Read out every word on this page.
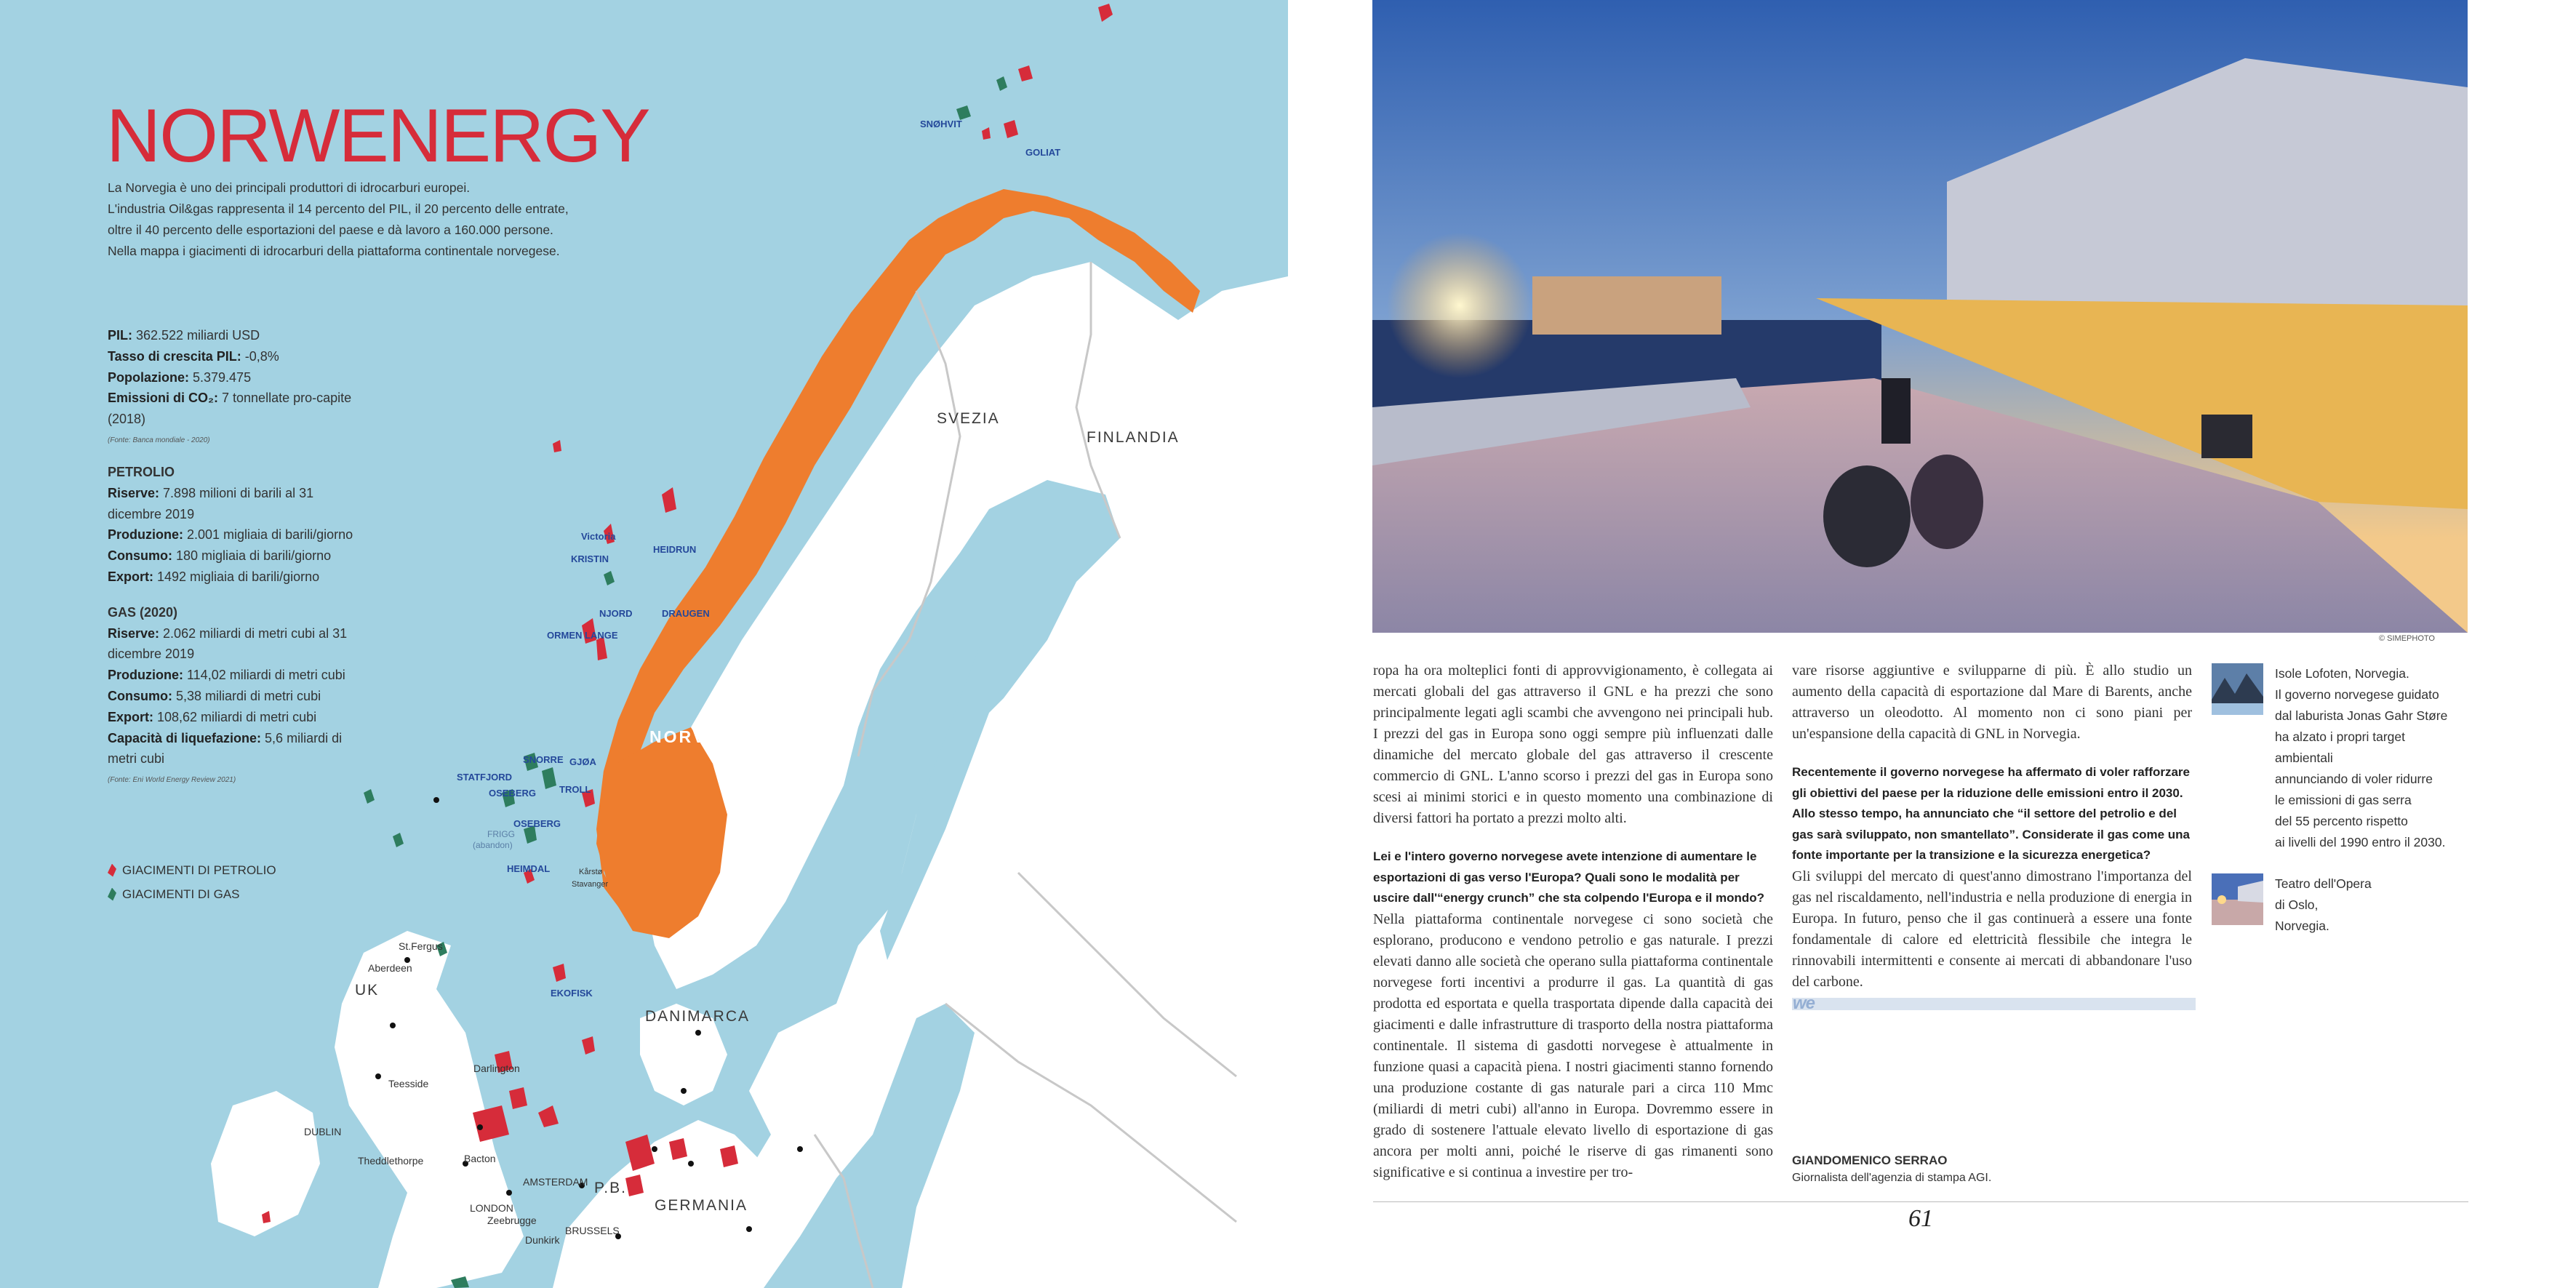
NORWENERGY

La Norvegia è uno dei principali produttori di idrocarburi europei.

L'industria Oil&gas rappresenta il 14 percento del PIL, il 20 percento delle entrate,

oltre il 40 percento delle esportazioni del paese e dà lavoro a 160.000 persone.

Nella mappa i giacimenti di idrocarburi della piattaforma continentale norvegese.

PIL: 362.522 miliardi USD
Tasso di crescita PIL: -0,8%
Popolazione: 5.379.475
Emissioni di CO₂: 7 tonnellate pro-capite (2018)
(Fonte: Banca mondiale - 2020)
PETROLIO
Riserve: 7.898 milioni di barili al 31 dicembre 2019
Produzione: 2.001 migliaia di barili/giorno
Consumo: 180 migliaia di barili/giorno
Export: 1492 migliaia di barili/giorno
GAS (2020)
Riserve: 2.062 miliardi di metri cubi al 31 dicembre 2019
Produzione: 114,02 miliardi di metri cubi
Consumo: 5,38 miliardi di metri cubi
Export: 108,62 miliardi di metri cubi
Capacità di liquefazione: 5,6 miliardi di metri cubi
(Fonte: Eni World Energy Review 2021)
GIACIMENTI DI PETROLIO
GIACIMENTI DI GAS
SVEZIA
FINLANDIA
NORVEGIA
DANIMARCA
UK
P.B.
GERMANIA
SNØHVIT
GOLIAT
Victoria
HEIDRUN
KRISTIN
NJORD	DRAUGEN
ORMEN LANGE
SNORRE GJØA
STATFJORD
OSEBERG TROLL
OSEBERG
HEIMDAL
EKOFISK
St.Fergus
Aberdeen
Darlington
Teesside
DUBLIN
Theddlethorpe	Bacton
AMSTERDAM
LONDON
Zeebrugge
BRUSSELS
Dunkirk
Kårstø
Stavanger
FRIGG
(abandon)
© SIMEPHOTO

ropa ha ora molteplici fonti di approvvigionamento, è collegata ai mercati globali del gas attraverso il GNL e ha prezzi che sono principalmente legati agli scambi che avvengono nei principali hub. I prezzi del gas in Europa sono oggi sempre più influenzati dalle dinamiche del mercato globale del gas attraverso il crescente commercio di GNL. L'anno scorso i prezzi del gas in Europa sono scesi ai minimi storici e in questo momento una combinazione di diversi fattori ha portato a prezzi molto alti.

Lei e l'intero governo norvegese avete intenzione di aumentare le esportazioni di gas verso l'Europa? Quali sono le modalità per uscire dall'“energy crunch” che sta colpendo l'Europa e il mondo?

Nella piattaforma continentale norvegese ci sono società che esplorano, producono e vendono petrolio e gas naturale. I prezzi elevati danno alle società che operano sulla piattaforma continentale norvegese forti incentivi a produrre il gas. La quantità di gas prodotta ed esportata e quella trasportata dipende dalla capacità dei giacimenti e dalle infrastrutture di trasporto della nostra piattaforma continentale. Il sistema di gasdotti norvegese è attualmente in funzione quasi a capacità piena. I nostri giacimenti stanno fornendo una produzione costante di gas naturale pari a circa 110 Mmc (miliardi di metri cubi) all'anno in Europa. Dovremmo essere in grado di sostenere l'attuale elevato livello di esportazione di gas ancora per molti anni, poiché le riserve di gas rimanenti sono significative e si continua a investire per tro-

vare risorse aggiuntive e svilupparne di più. È allo studio un aumento della capacità di esportazione dal Mare di Barents, anche attraverso un oleodotto. Al momento non ci sono piani per un'espansione della capacità di GNL in Norvegia.

Recentemente il governo norvegese ha affermato di voler rafforzare gli obiettivi del paese per la riduzione delle emissioni entro il 2030. Allo stesso tempo, ha annunciato che “il settore del petrolio e del gas sarà sviluppato, non smantellato”. Considerate il gas come una fonte importante per la transizione e la sicurezza energetica?

Gli sviluppi del mercato di quest'anno dimostrano l'importanza del gas nel riscaldamento, nell'industria e nella produzione di energia in Europa. In futuro, penso che il gas continuerà a essere una fonte fondamentale di calore ed elettricità flessibile che integra le rinnovabili intermittenti e consente ai mercati di abbandonare l'uso del carbone.

we
GIANDOMENICO SERRAO
Giornalista dell'agenzia di stampa AGI.
Isole Lofoten, Norvegia.
Il governo norvegese guidato
dal laburista Jonas Gahr Støre
ha alzato i propri target ambientali
annunciando di voler ridurre
le emissioni di gas serra
del 55 percento rispetto
ai livelli del 1990 entro il 2030.
Teatro dell'Opera
di Oslo,
Norvegia.
61
